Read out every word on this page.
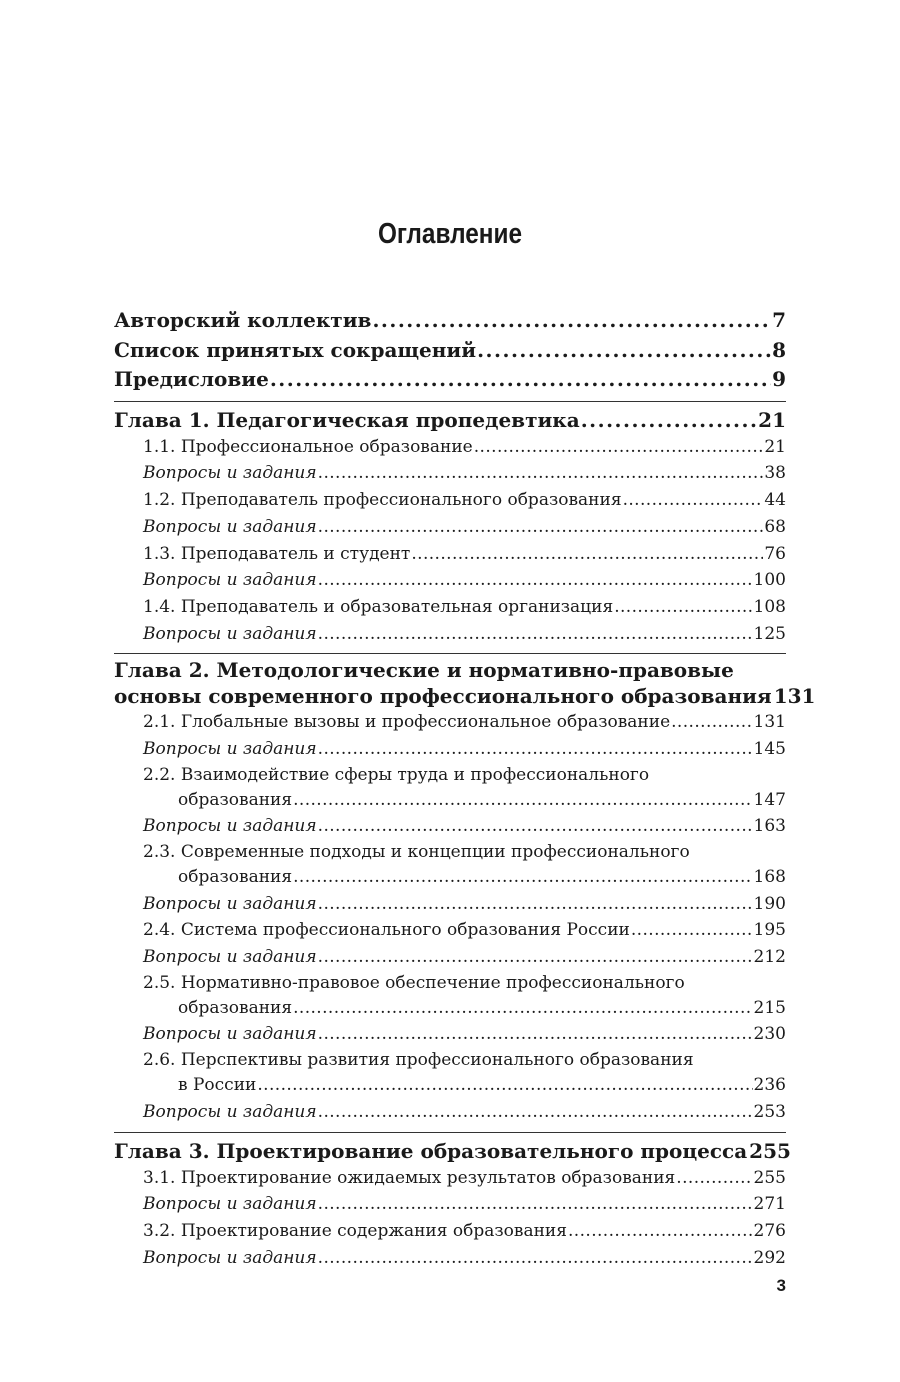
Оглавление
Авторский коллектив .....	7
Список принятых сокращений .....	8
Предисловие .....	9
Глава 1. Педагогическая пропедевтика .....	21
1.1. Профессиональное образование .....	21
Вопросы и задания .....	38
1.2. Преподаватель профессионального образования .....	44
Вопросы и задания .....	68
1.3. Преподаватель и студент .....	76
Вопросы и задания .....	100
1.4. Преподаватель и образовательная организация .....	108
Вопросы и задания .....	125
Глава 2. Методологические и нормативно-правовые
основы современного профессионального образования 131
2.1. Глобальные вызовы и профессиональное образование .....	131
Вопросы и задания .....	145
2.2. Взаимодействие сферы труда и профессионального
образования .....	147
Вопросы и задания .....	163
2.3. Современные подходы и концепции профессионального
образования .....	168
Вопросы и задания .....	190
2.4. Система профессионального образования России .....	195
Вопросы и задания .....	212
2.5. Нормативно-правовое обеспечение профессионального
образования .....	215
Вопросы и задания .....	230
2.6. Перспективы развития профессионального образования
в России .....	236
Вопросы и задания .....	253
Глава 3. Проектирование образовательного процесса 255
3.1. Проектирование ожидаемых результатов образования .....	255
Вопросы и задания .....	271
3.2. Проектирование содержания образования .....	276
Вопросы и задания .....	292
3
